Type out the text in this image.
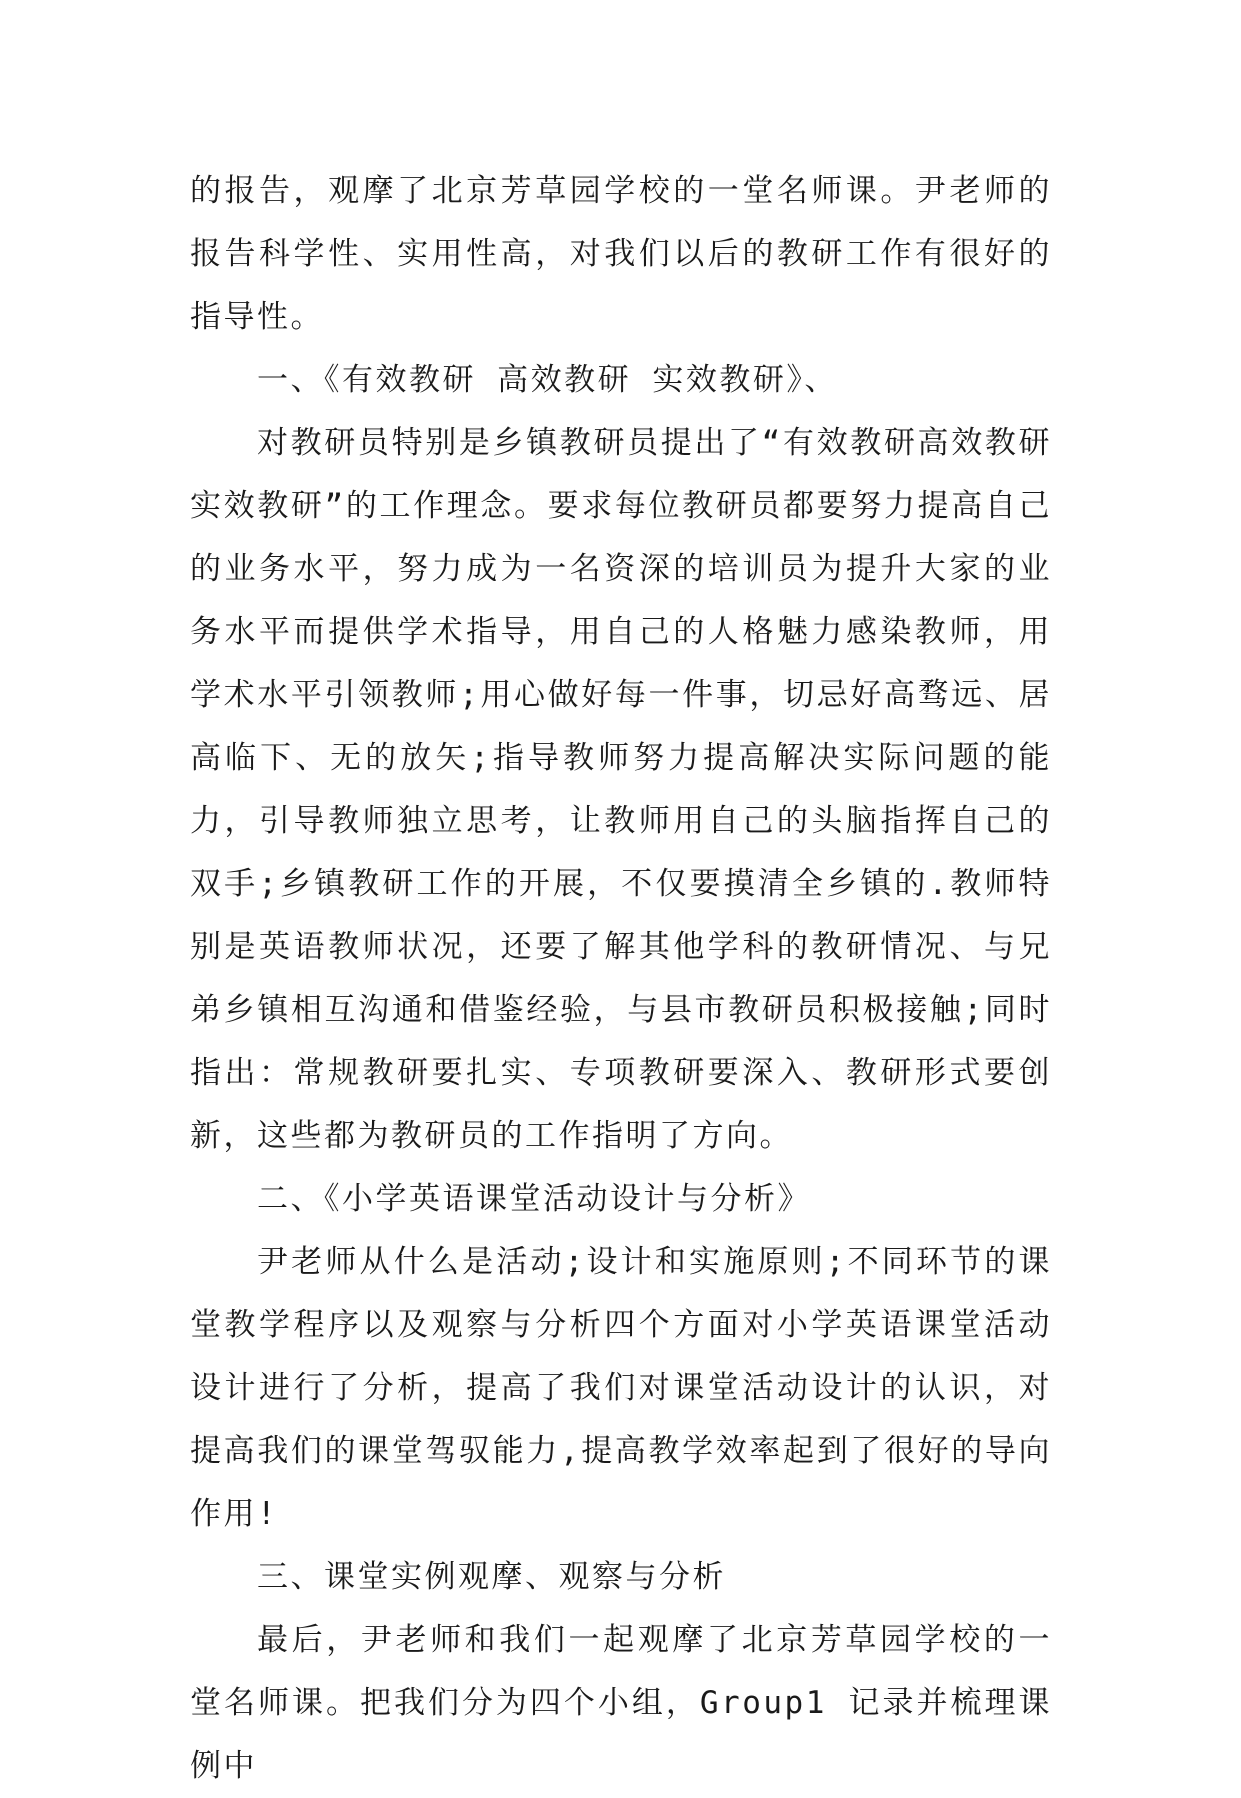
的报告，观摩了北京芳草园学校的一堂名师课。尹老师的报告科学性、实用性高，对我们以后的教研工作有很好的指导性。

一、《有效教研 高效教研 实效教研》、

对教研员特别是乡镇教研员提出了“有效教研高效教研实效教研”的工作理念。要求每位教研员都要努力提高自己的业务水平，努力成为一名资深的培训员为提升大家的业务水平而提供学术指导，用自己的人格魅力感染教师，用学术水平引领教师;用心做好每一件事，切忌好高骛远、居高临下、无的放矢;指导教师努力提高解决实际问题的能力，引导教师独立思考，让教师用自己的头脑指挥自己的双手;乡镇教研工作的开展，不仅要摸清全乡镇的.教师特别是英语教师状况，还要了解其他学科的教研情况、与兄弟乡镇相互沟通和借鉴经验，与县市教研员积极接触;同时指出：常规教研要扎实、专项教研要深入、教研形式要创新，这些都为教研员的工作指明了方向。

二、《小学英语课堂活动设计与分析》

尹老师从什么是活动;设计和实施原则;不同环节的课堂教学程序以及观察与分析四个方面对小学英语课堂活动设计进行了分析，提高了我们对课堂活动设计的认识，对提高我们的课堂驾驭能力,提高教学效率起到了很好的导向作用!

三、课堂实例观摩、观察与分析

最后，尹老师和我们一起观摩了北京芳草园学校的一堂名师课。把我们分为四个小组，Group1 记录并梳理课例中
